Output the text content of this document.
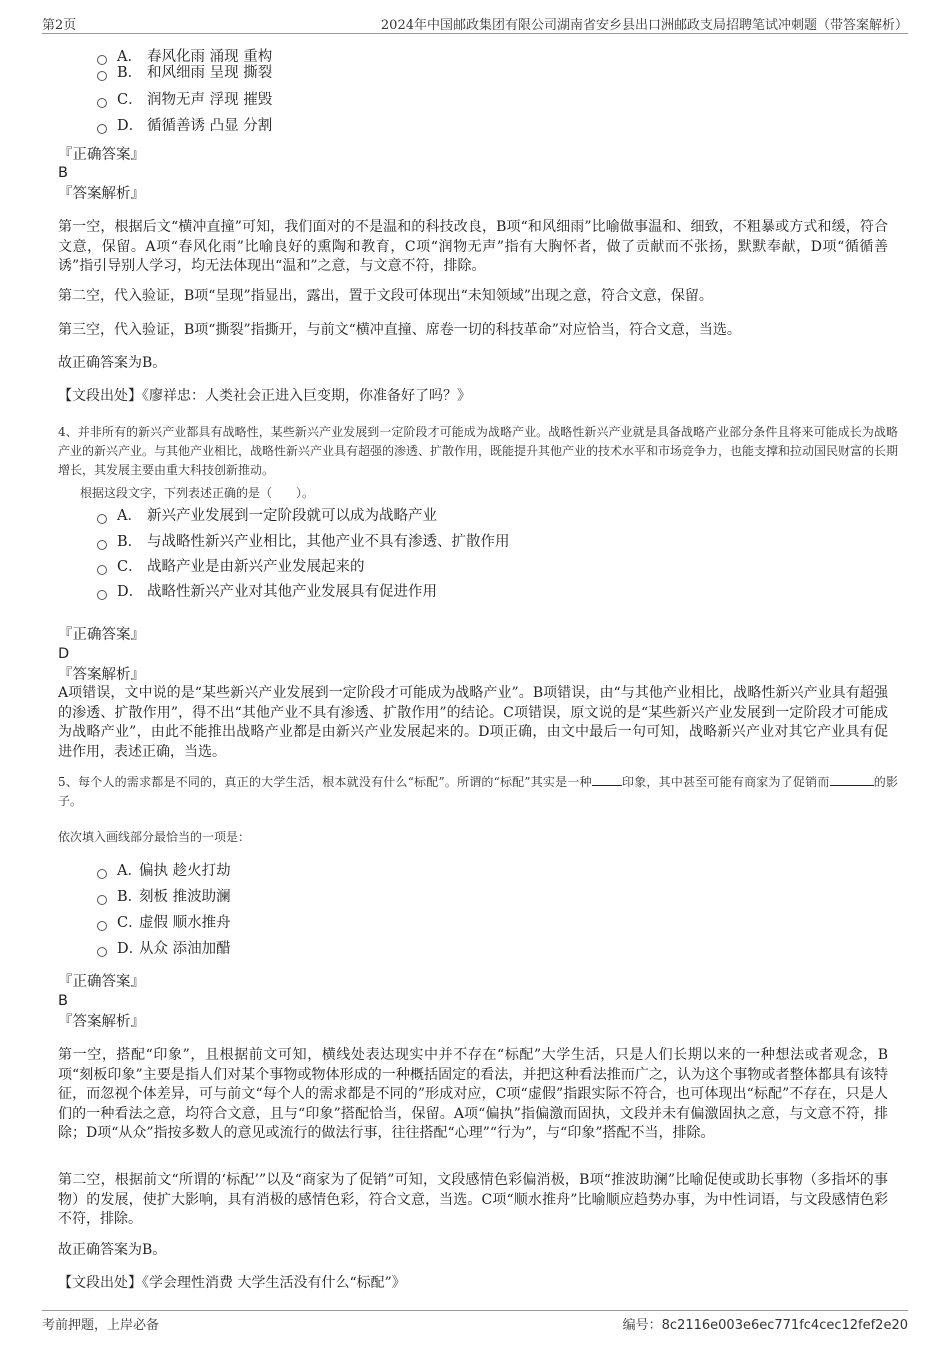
第2页	2024年中国邮政集团有限公司湖南省安乡县出口洲邮政支局招聘笔试冲刺题（带答案解析）
A． 春风化雨 涌现 重构
B． 和风细雨 呈现 撕裂
C． 润物无声 浮现 摧毁
D． 循循善诱 凸显 分割
『正确答案』
B
『答案解析』
第一空，根据后文“横冲直撞”可知，我们面对的不是温和的科技改良，B项“和风细雨”比喻做事温和、细致，不粗暴或方式和缓，符合文意，保留。A项“春风化雨”比喻良好的熏陶和教育，C项“润物无声”指有大胸怀者，做了贡献而不张扬，默默奉献，D项“循循善诱”指引导别人学习，均无法体现出“温和”之意，与文意不符，排除。
第二空，代入验证，B项“呈现”指显出，露出，置于文段可体现出“未知领域”出现之意，符合文意，保留。
第三空，代入验证，B项“撕裂”指撕开，与前文“横冲直撞、席卷一切的科技革命”对应恰当，符合文意，当选。
故正确答案为B。
【文段出处】《廖祥忠：人类社会正进入巨变期，你准备好了吗？》
4、并非所有的新兴产业都具有战略性，某些新兴产业发展到一定阶段才可能成为战略产业。战略性新兴产业就是具备战略产业部分条件且将来可能成长为战略产业的新兴产业。与其他产业相比，战略性新兴产业具有超强的渗透、扩散作用，既能提升其他产业的技术水平和市场竞争力，也能支撑和拉动国民财富的长期增长，其发展主要由重大科技创新推动。
根据这段文字，下列表述正确的是（　　）。
A． 新兴产业发展到一定阶段就可以成为战略产业
B． 与战略性新兴产业相比，其他产业不具有渗透、扩散作用
C． 战略产业是由新兴产业发展起来的
D． 战略性新兴产业对其他产业发展具有促进作用
『正确答案』
D
『答案解析』
A项错误，文中说的是“某些新兴产业发展到一定阶段才可能成为战略产业”。B项错误，由“与其他产业相比，战略性新兴产业具有超强的渗透、扩散作用”，得不出“其他产业不具有渗透、扩散作用”的结论。C项错误，原文说的是“某些新兴产业发展到一定阶段才可能成为战略产业”，由此不能推出战略产业都是由新兴产业发展起来的。D项正确，由文中最后一句可知，战略新兴产业对其它产业具有促进作用，表述正确，当选。
5、每个人的需求都是不同的，真正的大学生活，根本就没有什么“标配”。所谓的“标配”其实是一种	印象，其中甚至可能有商家为了促销而	的影子。
依次填入画线部分最恰当的一项是：
A．偏执 趁火打劫
B．刻板 推波助澜
C．虚假 顺水推舟
D．从众 添油加醋
『正确答案』
B
『答案解析』
第一空，搭配“印象”，且根据前文可知，横线处表达现实中并不存在“标配”大学生活，只是人们长期以来的一种想法或者观念，B项“刻板印象”主要是指人们对某个事物或物体形成的一种概括固定的看法，并把这种看法推而广之，认为这个事物或者整体都具有该特征，而忽视个体差异，可与前文“每个人的需求都是不同的”形成对应，C项“虚假”指跟实际不符合，也可体现出“标配”不存在，只是人们的一种看法之意，均符合文意，且与“印象”搭配恰当，保留。A项“偏执”指偏激而固执，文段并未有偏激固执之意，与文意不符，排除；D项“从众”指按多数人的意见或流行的做法行事，往往搭配“心理”“行为”，与“印象”搭配不当，排除。
第二空，根据前文“所谓的‘标配’”以及“商家为了促销”可知，文段感情色彩偏消极，B项“推波助澜”比喻促使或助长事物（多指坏的事物）的发展，使扩大影响，具有消极的感情色彩，符合文意，当选。C项“顺水推舟”比喻顺应趋势办事，为中性词语，与文段感情色彩不符，排除。
故正确答案为B。
【文段出处】《学会理性消费 大学生活没有什么“标配”》
考前押题，上岸必备	编号：8c2116e003e6ec771fc4cec12fef2e20
